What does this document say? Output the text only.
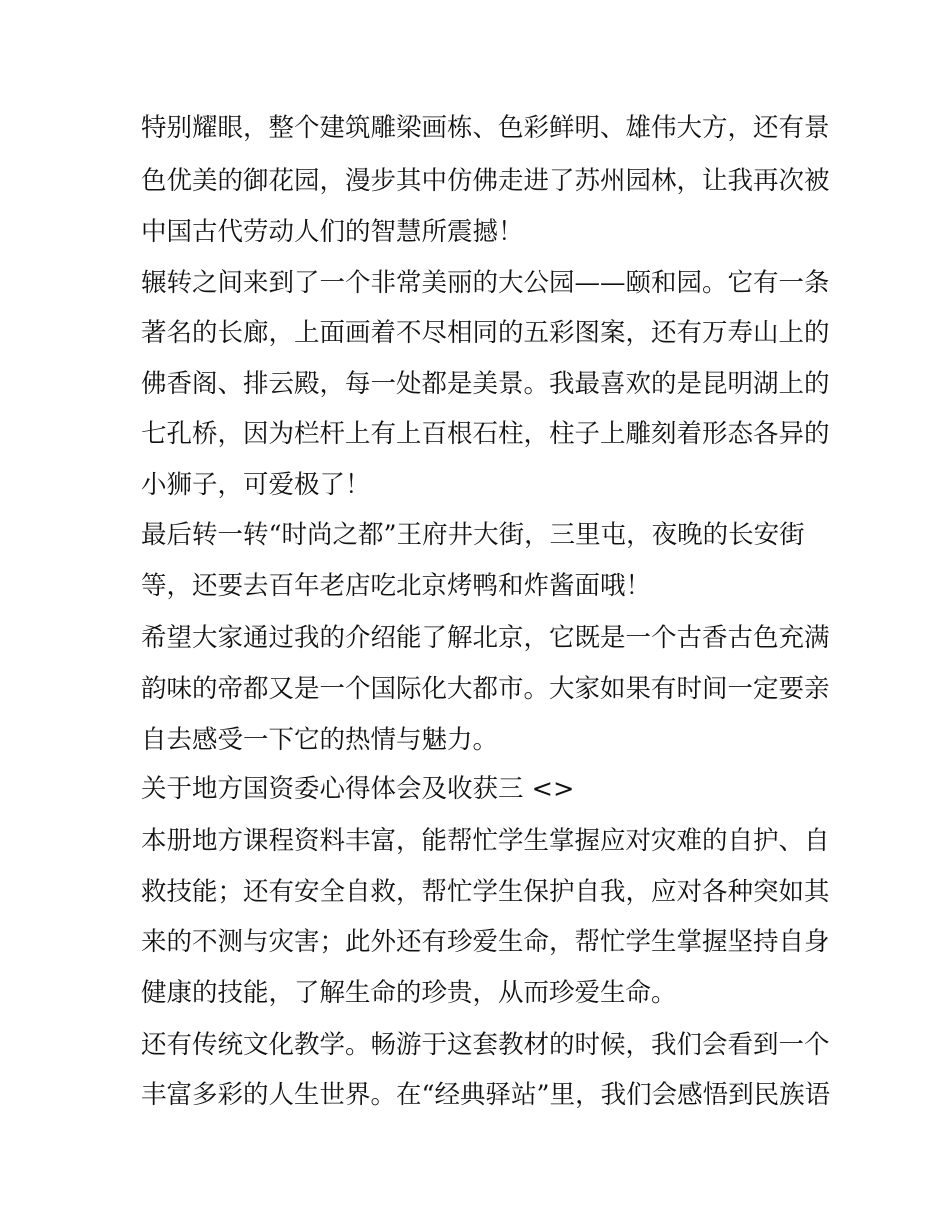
特别耀眼，整个建筑雕梁画栋、色彩鲜明、雄伟大方，还有景
色优美的御花园，漫步其中仿佛走进了苏州园林，让我再次被
中国古代劳动人们的智慧所震撼！
辗转之间来到了一个非常美丽的大公园——颐和园。它有一条
著名的长廊，上面画着不尽相同的五彩图案，还有万寿山上的
佛香阁、排云殿，每一处都是美景。我最喜欢的是昆明湖上的
七孔桥，因为栏杆上有上百根石柱，柱子上雕刻着形态各异的
小狮子，可爱极了！
最后转一转“时尚之都”王府井大街，三里屯，夜晚的长安街
等，还要去百年老店吃北京烤鸭和炸酱面哦！
希望大家通过我的介绍能了解北京，它既是一个古香古色充满
韵味的帝都又是一个国际化大都市。大家如果有时间一定要亲
自去感受一下它的热情与魅力。
关于地方国资委心得体会及收获三 <>
本册地方课程资料丰富，能帮忙学生掌握应对灾难的自护、自
救技能；还有安全自救，帮忙学生保护自我，应对各种突如其
来的不测与灾害；此外还有珍爱生命，帮忙学生掌握坚持自身
健康的技能，了解生命的珍贵，从而珍爱生命。
还有传统文化教学。畅游于这套教材的时候，我们会看到一个
丰富多彩的人生世界。在“经典驿站”里，我们会感悟到民族语
